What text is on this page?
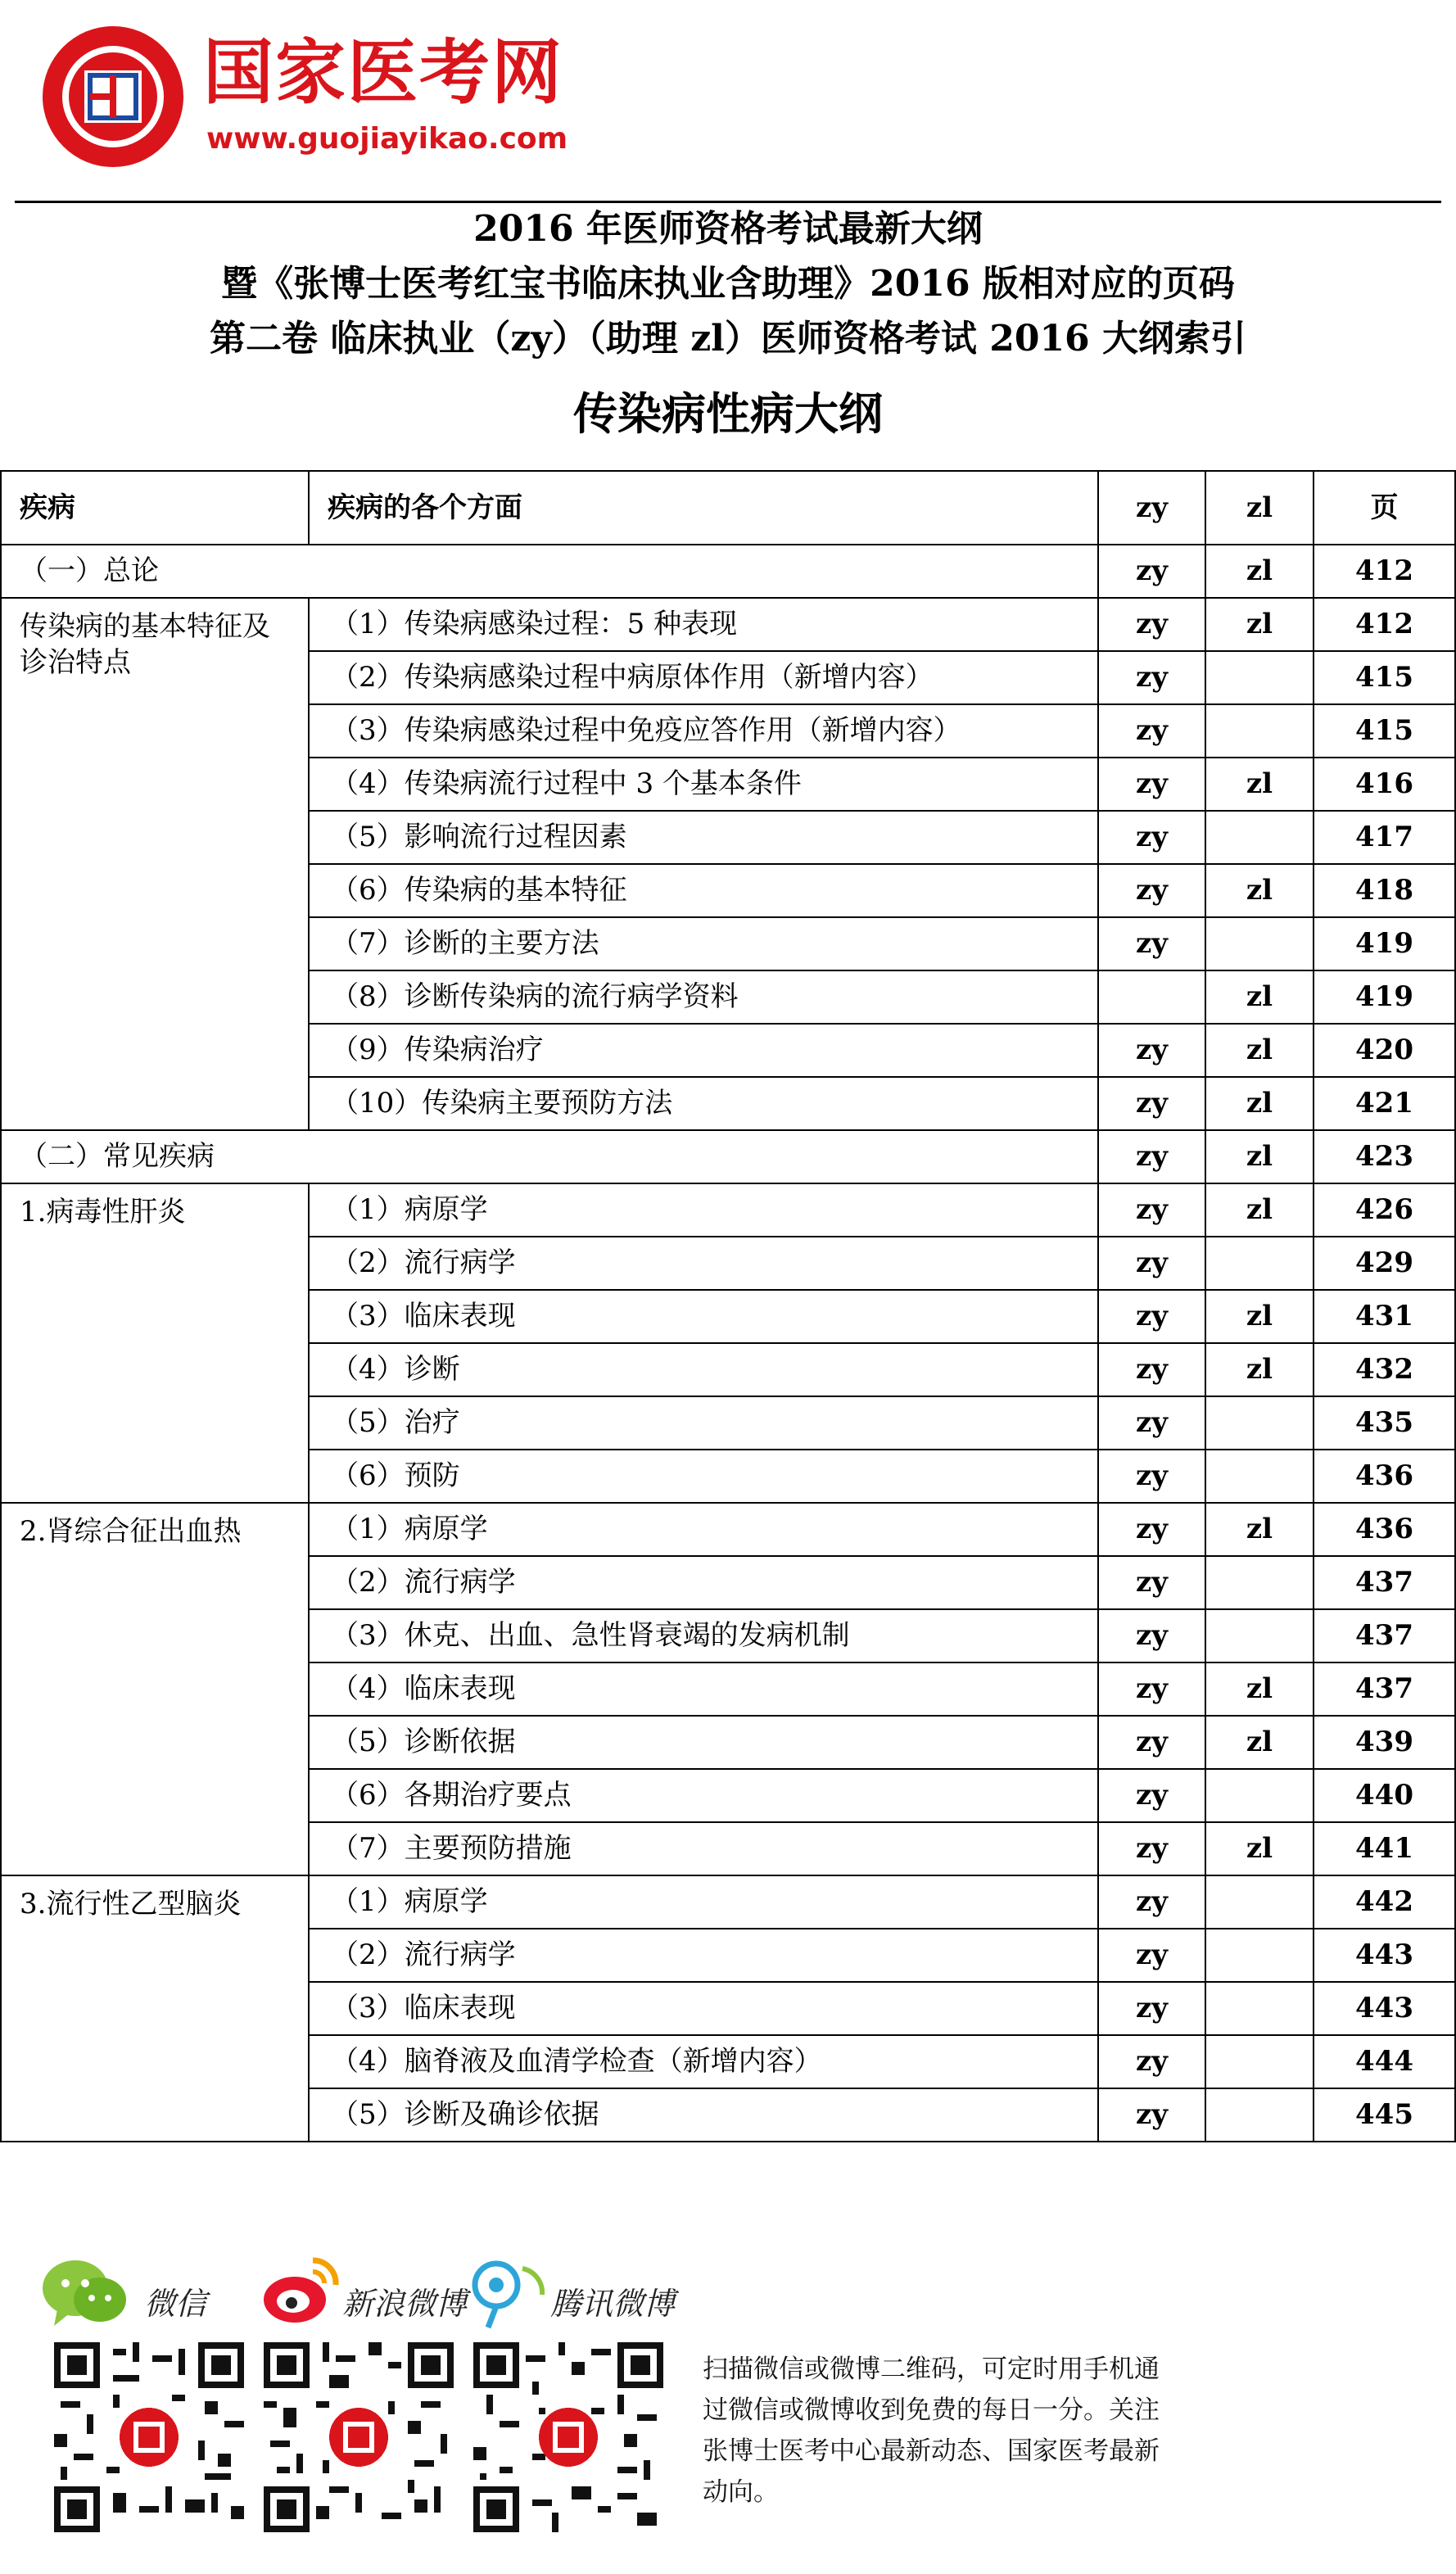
国家医考网
www.guojiayikao.com
2016 年医师资格考试最新大纲
暨《张博士医考红宝书临床执业含助理》2016 版相对应的页码
第二卷 临床执业（zy）（助理 zl）医师资格考试 2016 大纲索引
传染病性病大纲
疾病	疾病的各个方面	zy	zl	页
（一）总论		zy	zl	412
传染病的基本特征及诊治特点	（1）传染病感染过程：5 种表现	zy	zl	412
	（2）传染病感染过程中病原体作用（新增内容）	zy		415
	（3）传染病感染过程中免疫应答作用（新增内容）	zy		415
	（4）传染病流行过程中 3 个基本条件	zy	zl	416
	（5）影响流行过程因素	zy		417
	（6）传染病的基本特征	zy	zl	418
	（7）诊断的主要方法	zy		419
	（8）诊断传染病的流行病学资料		zl	419
	（9）传染病治疗	zy	zl	420
	（10）传染病主要预防方法	zy	zl	421
（二）常见疾病		zy	zl	423
1.病毒性肝炎	（1）病原学	zy	zl	426
	（2）流行病学	zy		429
	（3）临床表现	zy	zl	431
	（4）诊断	zy	zl	432
	（5）治疗	zy		435
	（6）预防	zy		436
2.肾综合征出血热	（1）病原学	zy	zl	436
	（2）流行病学	zy		437
	（3）休克、出血、急性肾衰竭的发病机制	zy		437
	（4）临床表现	zy	zl	437
	（5）诊断依据	zy	zl	439
	（6）各期治疗要点	zy		440
	（7）主要预防措施	zy	zl	441
3.流行性乙型脑炎	（1）病原学	zy		442
	（2）流行病学	zy		443
	（3）临床表现	zy		443
	（4）脑脊液及血清学检查（新增内容）	zy		444
	（5）诊断及确诊依据	zy		445
微信	新浪微博	腾讯微博
扫描微信或微博二维码，可定时用手机通过微信或微博收到免费的每日一分。关注张博士医考中心最新动态、国家医考最新动向。
